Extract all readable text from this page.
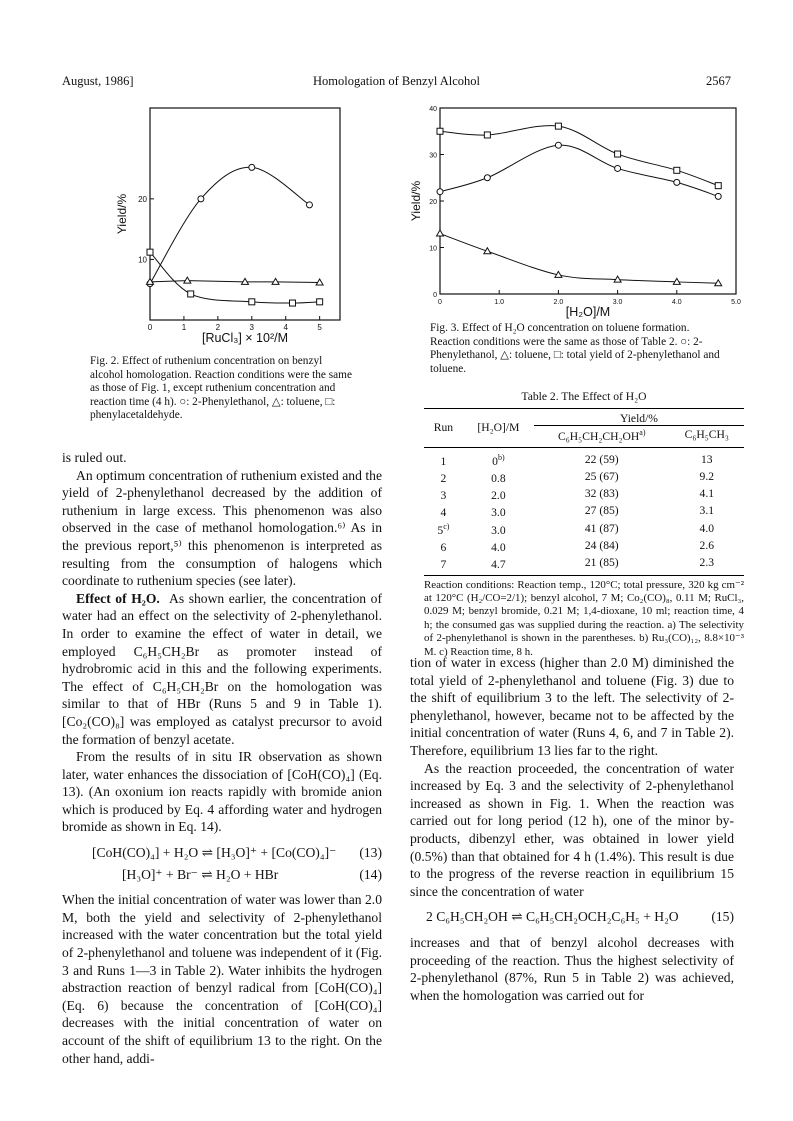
August, 1986]	Homologation of Benzyl Alcohol	2567
0	1	2	3	4	5
10
20
Yield/%
[RuCl₃] × 10²/M
Fig. 2. Effect of ruthenium concentration on benzyl alcohol homologation. Reaction conditions were the same as those of Fig. 1, except ruthenium concentration and reaction time (4 h). ○: 2-Phenylethanol, △: toluene, □: phenylacetaldehyde.
0	1.0	2.0	3.0	4.0	5.0
0
10
20
30
40
Yield/%
[H₂O]/M
Fig. 3. Effect of H₂O concentration on toluene formation. Reaction conditions were the same as those of Table 2. ○: 2-Phenylethanol, △: toluene, □: total yield of 2-phenylethanol and toluene.

is ruled out.

An optimum concentration of ruthenium existed and the yield of 2-phenylethanol decreased by the addition of ruthenium in large excess. This phenomenon was also observed in the case of methanol homologation.⁶⁾ As in the previous report,⁵⁾ this phenomenon is interpreted as resulting from the consumption of halogens which coordinate to ruthenium species (see later).

Effect of H₂O. As shown earlier, the concentration of water had an effect on the selectivity of 2-phenylethanol. In order to examine the effect of water in detail, we employed C₆H₅CH₂Br as promoter instead of hydrobromic acid in this and the following experiments. The effect of C₆H₅CH₂Br on the homologation was similar to that of HBr (Runs 5 and 9 in Table 1). [Co₂(CO)₈] was employed as catalyst precursor to avoid the formation of benzyl acetate.

From the results of in situ IR observation as shown later, water enhances the dissociation of [CoH(CO)₄] (Eq. 13). (An oxonium ion reacts rapidly with bromide anion which is produced by Eq. 4 affording water and hydrogen bromide as shown in Eq. 14).

[CoH(CO)₄] + H₂O ⇌ [H₃O]⁺ + [Co(CO)₄]⁻ (13)
[H₃O]⁺ + Br⁻ ⇌ H₂O + HBr	(14)

When the initial concentration of water was lower than 2.0 M, both the yield and selectivity of 2-phenylethanol increased with the water concentration but the total yield of 2-phenylethanol and toluene was independent of it (Fig. 3 and Runs 1—3 in Table 2). Water inhibits the hydrogen abstraction reaction of benzyl radical from [CoH(CO)₄] (Eq. 6) because the concentration of [CoH(CO)₄] decreases with the initial concentration of water on account of the shift of equilibrium 13 to the right. On the other hand, addi-

Table 2. The Effect of H₂O
Run	[H₂O]/M	Yield/%	
		C₆H₅CH₂CH₂OH$^{a)}$	C₆H₅CH₃
1	0$^{b)}$	22 (59)	13
2	0.8	25 (67)	9.2
3	2.0	32 (83)	4.1
4	3.0	27 (85)	3.1
5$^{c)}$	3.0	41 (87)	4.0
6	4.0	24 (84)	2.6
7	4.7	21 (85)	2.3
Reaction conditions: Reaction temp., 120°C; total pressure, 320 kg cm⁻² at 120°C (H₂/CO=2/1); benzyl alcohol, 7 M; Co₂(CO)₈, 0.11 M; RuCl₃, 0.029 M; benzyl bromide, 0.21 M; 1,4-dioxane, 10 ml; reaction time, 4 h; the consumed gas was supplied during the reaction. a) The selectivity of 2-phenylethanol is shown in the parentheses. b) Ru₃(CO)₁₂, 8.8×10⁻³ M. c) Reaction time, 8 h.

tion of water in excess (higher than 2.0 M) diminished the total yield of 2-phenylethanol and toluene (Fig. 3) due to the shift of equilibrium 3 to the left. The selectivity of 2-phenylethanol, however, became not to be affected by the initial concentration of water (Runs 4, 6, and 7 in Table 2). Therefore, equilibrium 13 lies far to the right.

As the reaction proceeded, the concentration of water increased by Eq. 3 and the selectivity of 2-phenylethanol increased as shown in Fig. 1. When the reaction was carried out for long period (12 h), one of the minor by-products, dibenzyl ether, was obtained in lower yield (0.5%) than that obtained for 4 h (1.4%). This result is due to the progress of the reverse reaction in equilibrium 15 since the concentration of water

2 C₆H₅CH₂OH ⇌ C₆H₅CH₂OCH₂C₆H₅ + H₂O (15)

increases and that of benzyl alcohol decreases with proceeding of the reaction. Thus the highest selectivity of 2-phenylethanol (87%, Run 5 in Table 2) was achieved, when the homologation was carried out for
